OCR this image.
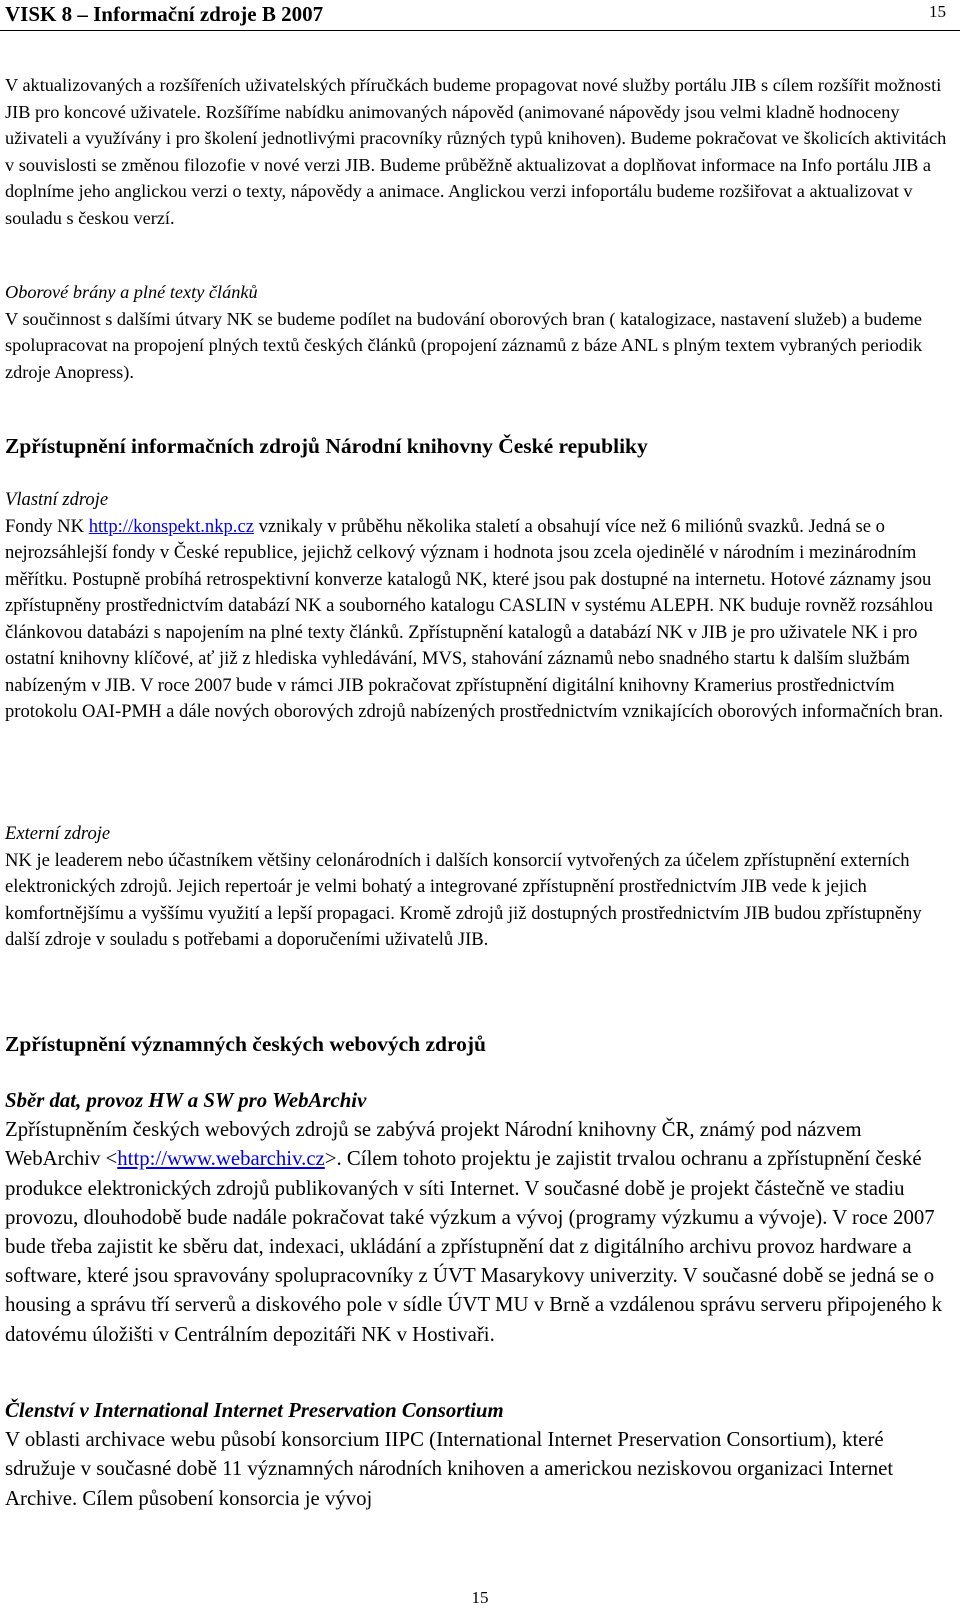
VISK 8 – Informační zdroje B 2007	15
V aktualizovaných a rozšířeních uživatelských příručkách budeme propagovat nové služby portálu JIB s cílem rozšířit možnosti JIB pro koncové uživatele. Rozšíříme nabídku animovaných nápověd (animované nápovědy jsou velmi kladně hodnoceny uživateli a využívány i pro školení jednotlivými pracovníky různých typů knihoven). Budeme pokračovat ve školicích aktivitách v souvislosti se změnou filozofie v nové verzi JIB. Budeme průběžně aktualizovat a doplňovat informace na Info portálu JIB a doplníme jeho anglickou verzi o texty, nápovědy a animace. Anglickou verzi infoportálu budeme rozšiřovat a aktualizovat v souladu s českou verzí.
Oborové brány a plné texty článků
V součinnost s dalšími útvary NK se budeme podílet na budování oborových bran ( katalogizace, nastavení služeb) a budeme spolupracovat na propojení plných textů českých článků (propojení záznamů z báze ANL s plným textem vybraných periodik zdroje Anopress).
Zpřístupnění informačních zdrojů Národní knihovny České republiky
Vlastní zdroje
Fondy NK http://konspekt.nkp.cz vznikaly v průběhu několika staletí a obsahují více než 6 miliónů svazků. Jedná se o nejrozsáhlejší fondy v České republice, jejichž celkový význam i hodnota jsou zcela ojedinělé v národním i mezinárodním měřítku. Postupně probíhá retrospektivní konverze katalogů NK, které jsou pak dostupné na internetu. Hotové záznamy jsou zpřístupněny prostřednictvím databází NK a souborného katalogu CASLIN v systému ALEPH. NK buduje rovněž rozsáhlou článkovou databázi s napojením na plné texty článků. Zpřístupnění katalogů a databází NK v JIB je pro uživatele NK i pro ostatní knihovny klíčové, ať již z hlediska vyhledávání, MVS, stahování záznamů nebo snadného startu k dalším službám nabízeným v JIB. V roce 2007 bude v rámci JIB pokračovat zpřístupnění digitální knihovny Kramerius prostřednictvím protokolu OAI-PMH a dále nových oborových zdrojů nabízených prostřednictvím vznikajících oborových informačních bran.
Externí zdroje
NK je leaderem nebo účastníkem většiny celonárodních i dalších konsorcií vytvořených za účelem zpřístupnění externích elektronických zdrojů. Jejich repertoár je velmi bohatý a integrované zpřístupnění prostřednictvím JIB vede k jejich komfortnějšímu a vyššímu využití a lepší propagaci. Kromě zdrojů již dostupných prostřednictvím JIB budou zpřístupněny další zdroje v souladu s potřebami a doporučeními uživatelů JIB.
Zpřístupnění významných českých webových zdrojů
Sběr dat, provoz HW a SW pro WebArchiv
Zpřístupněním českých webových zdrojů se zabývá projekt Národní knihovny ČR, známý pod názvem WebArchiv <http://www.webarchiv.cz>. Cílem tohoto projektu je zajistit trvalou ochranu a zpřístupnění české produkce elektronických zdrojů publikovaných v síti Internet. V současné době je projekt částečně ve stadiu provozu, dlouhodobě bude nadále pokračovat také výzkum a vývoj (programy výzkumu a vývoje). V roce 2007 bude třeba zajistit ke sběru dat, indexaci, ukládání a zpřístupnění dat z digitálního archivu provoz hardware a software, které jsou spravovány spolupracovníky z ÚVT Masarykovy univerzity. V současné době se jedná se o housing a správu tří serverů a diskového pole v sídle ÚVT MU v Brně a vzdálenou správu serveru připojeného k datovému úložišti v Centrálním depozitáři NK v Hostivaři.
Členství v International Internet Preservation Consortium
V oblasti archivace webu působí konsorcium IIPC (International Internet Preservation Consortium), které sdružuje v současné době 11 významných národních knihoven a americkou neziskovou organizaci Internet Archive. Cílem působení konsorcia je vývoj
15
